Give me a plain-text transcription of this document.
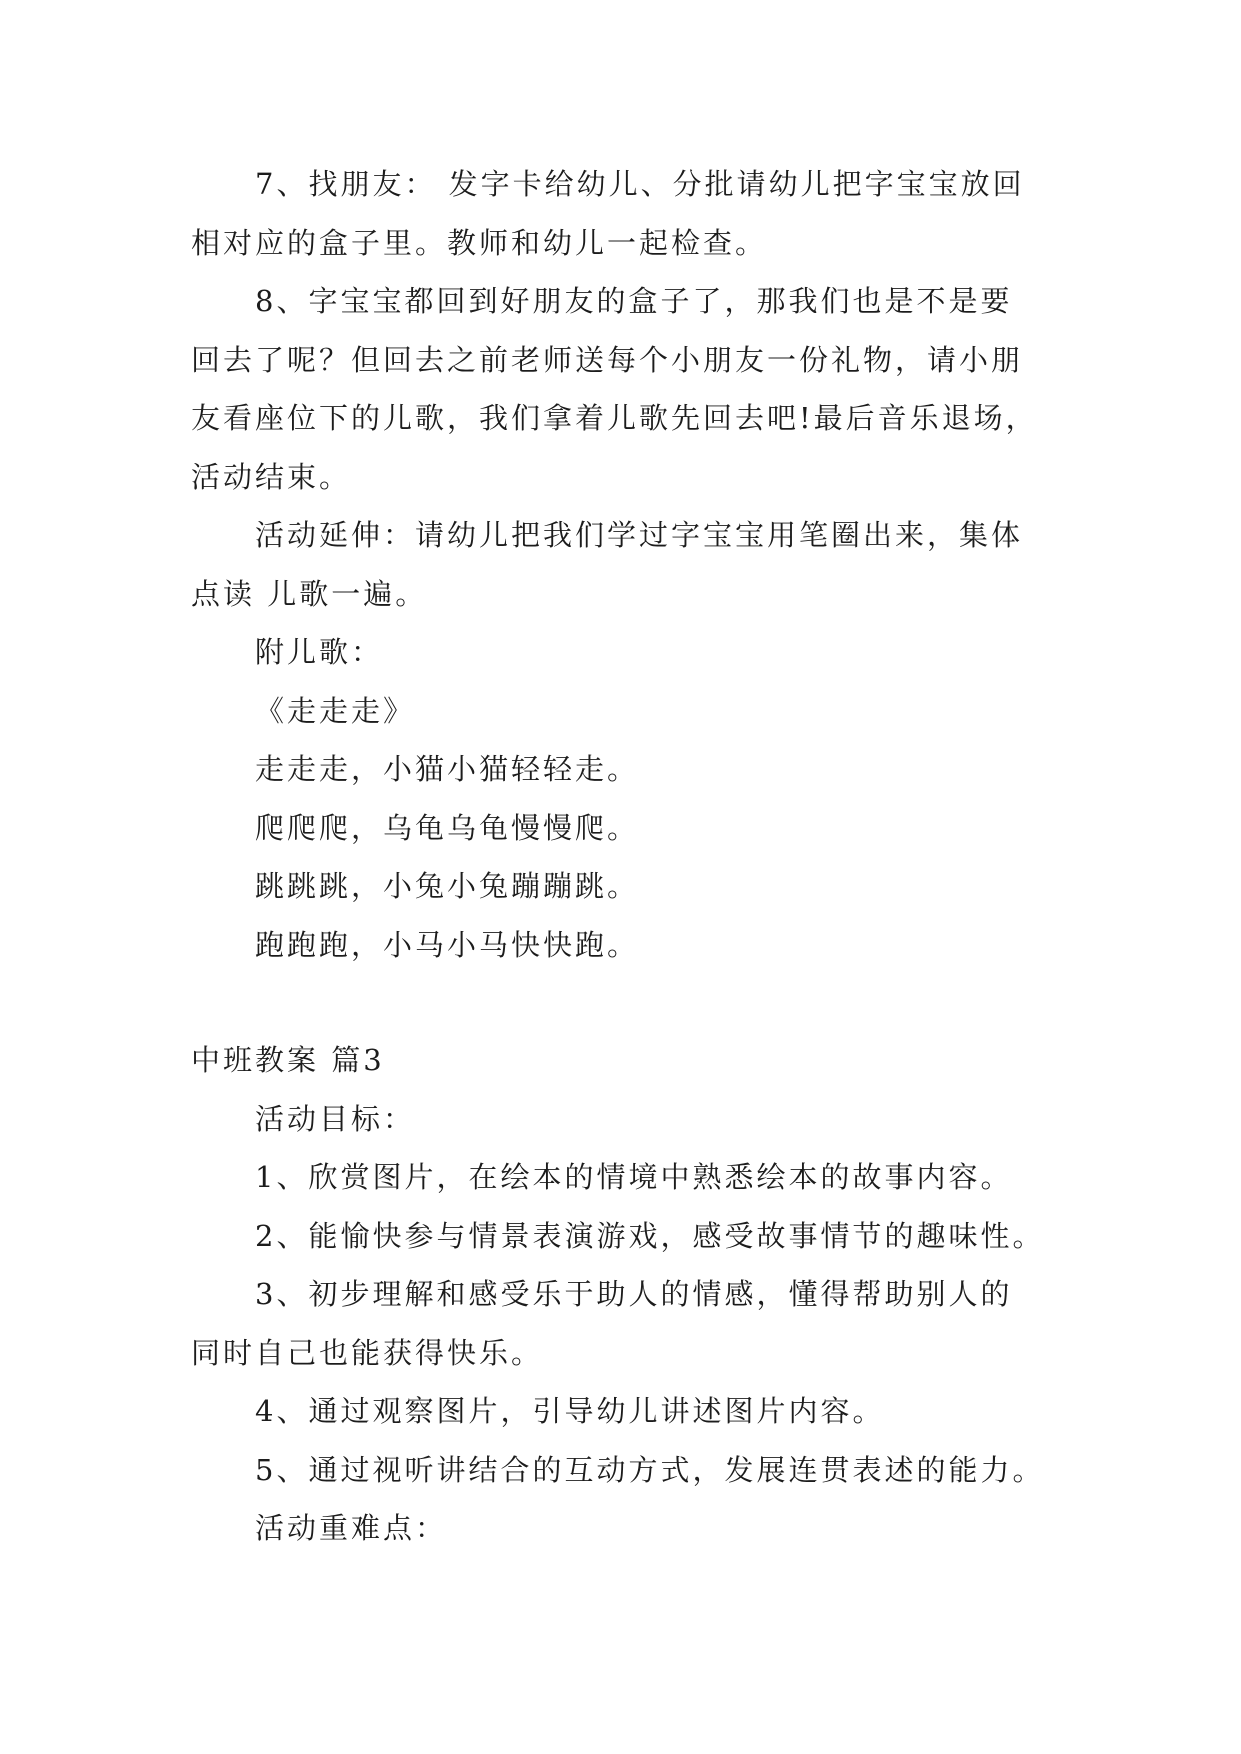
7、找朋友： 发字卡给幼儿、分批请幼儿把字宝宝放回
相对应的盒子里。教师和幼儿一起检查。
8、字宝宝都回到好朋友的盒子了，那我们也是不是要
回去了呢？但回去之前老师送每个小朋友一份礼物，请小朋
友看座位下的儿歌，我们拿着儿歌先回去吧!最后音乐退场，
活动结束。
活动延伸：请幼儿把我们学过字宝宝用笔圈出来，集体
点读 儿歌一遍。
附儿歌：
《走走走》
走走走，小猫小猫轻轻走。
爬爬爬，乌龟乌龟慢慢爬。
跳跳跳，小兔小兔蹦蹦跳。
跑跑跑，小马小马快快跑。
中班教案 篇3
活动目标：
1、欣赏图片，在绘本的情境中熟悉绘本的故事内容。
2、能愉快参与情景表演游戏，感受故事情节的趣味性。
3、初步理解和感受乐于助人的情感，懂得帮助别人的
同时自己也能获得快乐。
4、通过观察图片，引导幼儿讲述图片内容。
5、通过视听讲结合的互动方式，发展连贯表述的能力。
活动重难点：
